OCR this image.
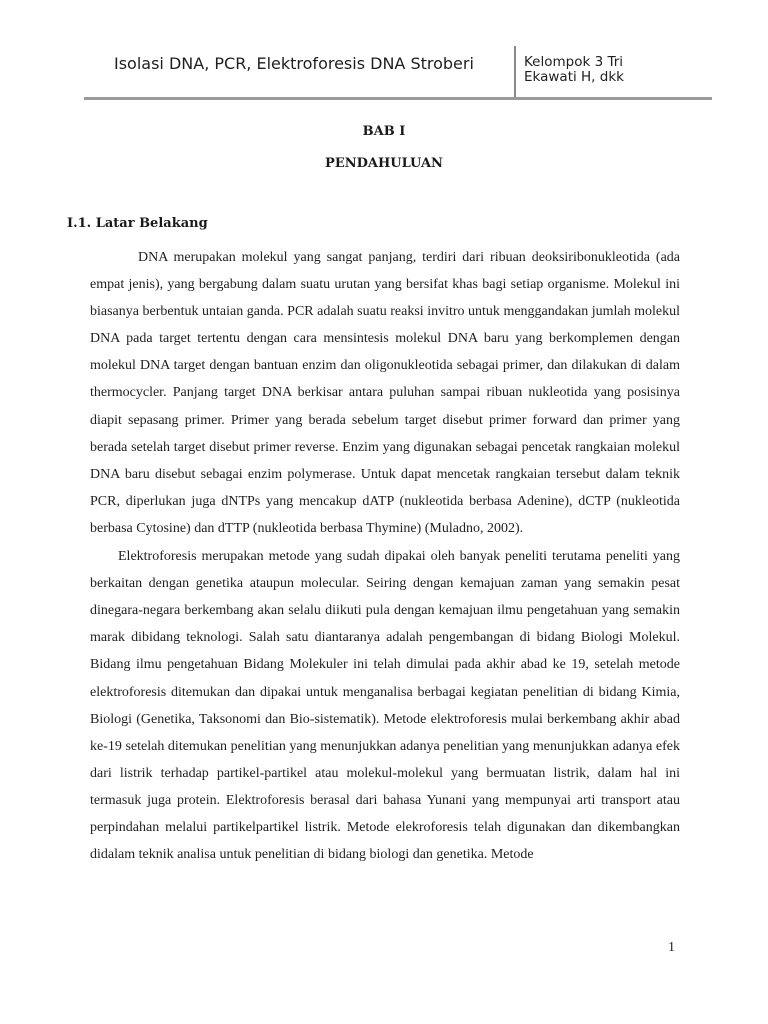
Isolasi DNA, PCR, Elektroforesis DNA Stroberi	Kelompok 3 Tri
Ekawati H, dkk
BAB I
PENDAHULUAN
I.1. Latar Belakang

DNA merupakan molekul yang sangat panjang, terdiri dari ribuan deoksiribonukleotida (ada empat jenis), yang bergabung dalam suatu urutan yang bersifat khas bagi setiap organisme. Molekul ini biasanya berbentuk untaian ganda. PCR adalah suatu reaksi invitro untuk menggandakan jumlah molekul DNA pada target tertentu dengan cara mensintesis molekul DNA baru yang berkomplemen dengan molekul DNA target dengan bantuan enzim dan oligonukleotida sebagai primer, dan dilakukan di dalam thermocycler. Panjang target DNA berkisar antara puluhan sampai ribuan nukleotida yang posisinya diapit sepasang primer. Primer yang berada sebelum target disebut primer forward dan primer yang berada setelah target disebut primer reverse. Enzim yang digunakan sebagai pencetak rangkaian molekul DNA baru disebut sebagai enzim polymerase. Untuk dapat mencetak rangkaian tersebut dalam teknik PCR, diperlukan juga dNTPs yang mencakup dATP (nukleotida berbasa Adenine), dCTP (nukleotida berbasa Cytosine) dan dTTP (nukleotida berbasa Thymine) (Muladno, 2002).

Elektroforesis merupakan metode yang sudah dipakai oleh banyak peneliti terutama peneliti yang berkaitan dengan genetika ataupun molecular. Seiring dengan kemajuan zaman yang semakin pesat dinegara-negara berkembang akan selalu diikuti pula dengan kemajuan ilmu pengetahuan yang semakin marak dibidang teknologi. Salah satu diantaranya adalah pengembangan di bidang Biologi Molekul. Bidang ilmu pengetahuan Bidang Molekuler ini telah dimulai pada akhir abad ke 19, setelah metode elektroforesis ditemukan dan dipakai untuk menganalisa berbagai kegiatan penelitian di bidang Kimia, Biologi (Genetika, Taksonomi dan Bio-sistematik). Metode elektroforesis mulai berkembang akhir abad ke-19 setelah ditemukan penelitian yang menunjukkan adanya penelitian yang menunjukkan adanya efek dari listrik terhadap partikel-partikel atau molekul-molekul yang bermuatan listrik, dalam hal ini termasuk juga protein. Elektroforesis berasal dari bahasa Yunani yang mempunyai arti transport atau perpindahan melalui partikelpartikel listrik. Metode elekroforesis telah digunakan dan dikembangkan didalam teknik analisa untuk penelitian di bidang biologi dan genetika. Metode

1
